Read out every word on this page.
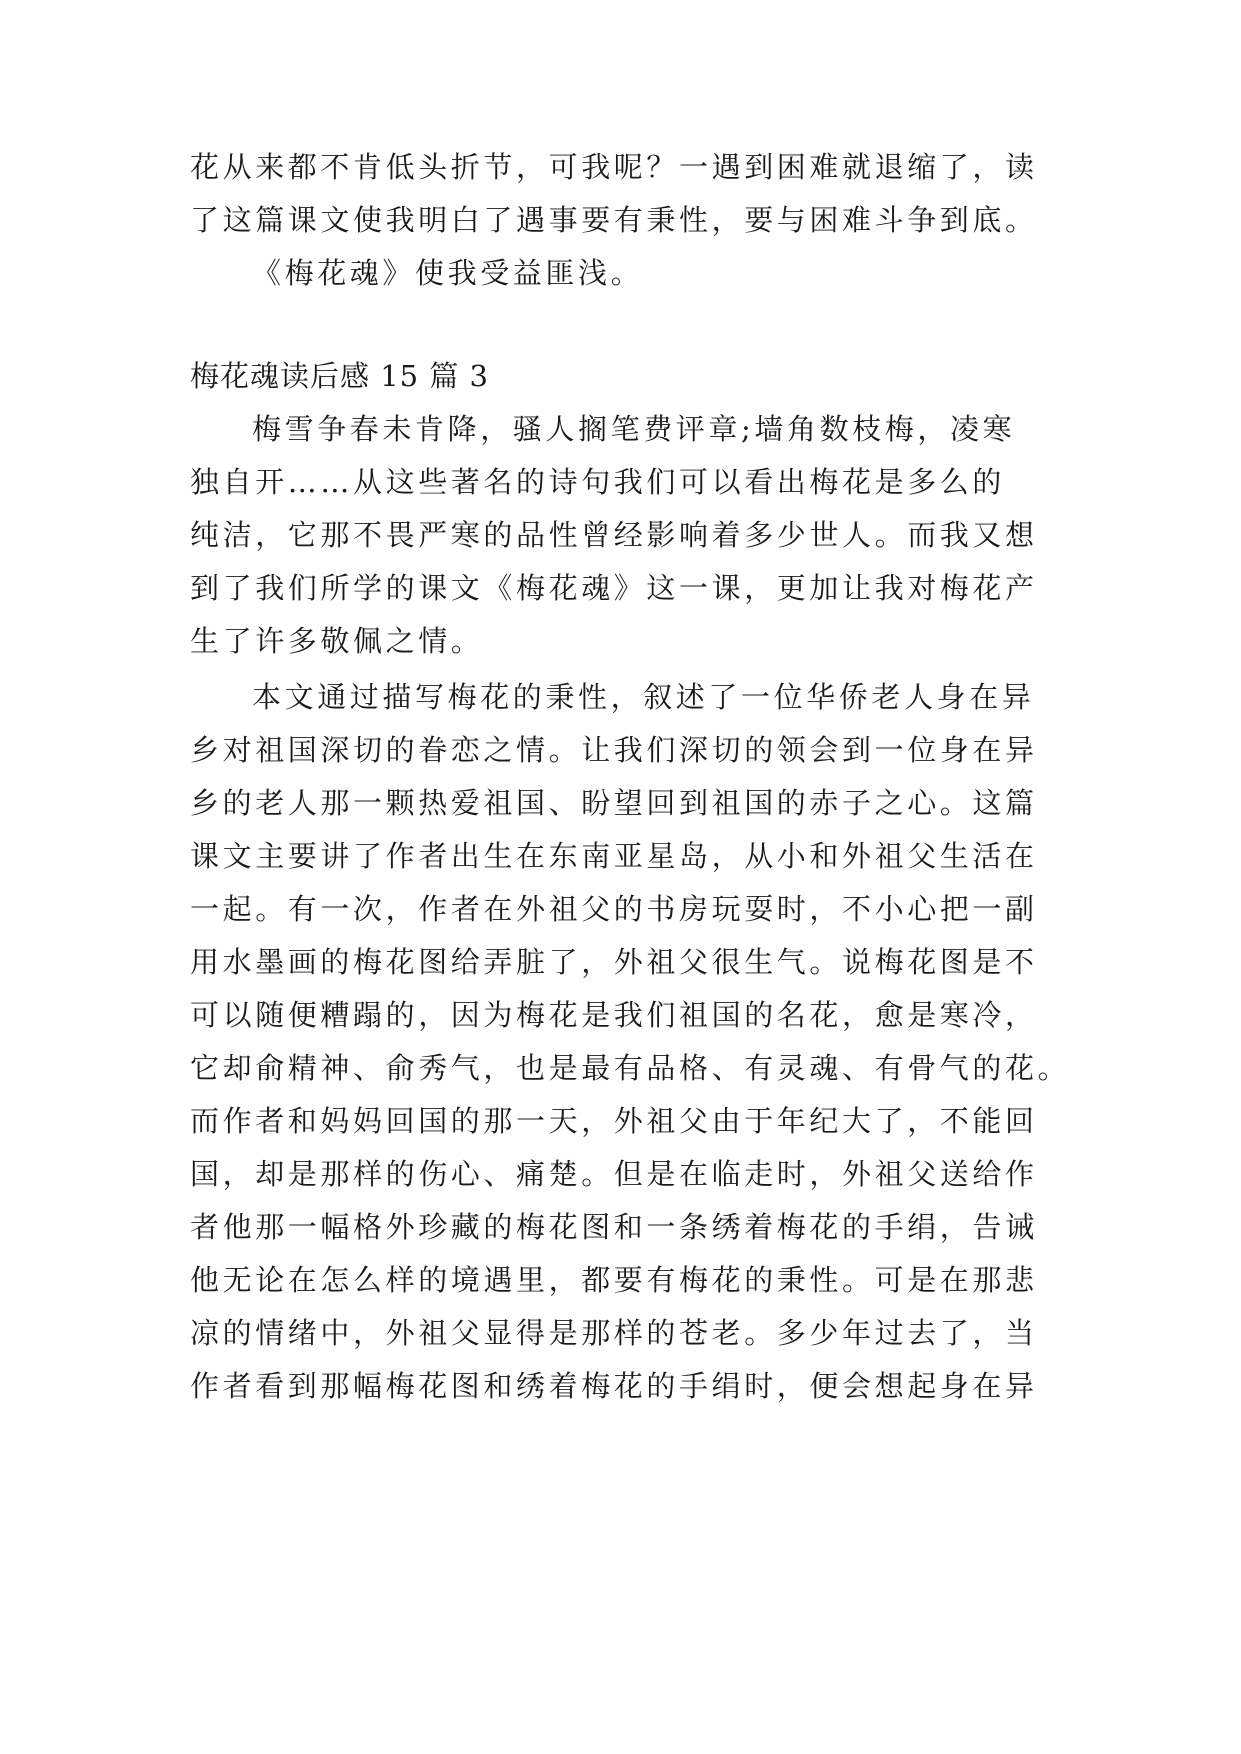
花从来都不肯低头折节，可我呢？一遇到困难就退缩了，读
了这篇课文使我明白了遇事要有秉性，要与困难斗争到底。
《梅花魂》使我受益匪浅。
梅花魂读后感 15 篇 3
梅雪争春未肯降，骚人搁笔费评章;墙角数枝梅，凌寒
独自开……从这些著名的诗句我们可以看出梅花是多么的
纯洁，它那不畏严寒的品性曾经影响着多少世人。而我又想
到了我们所学的课文《梅花魂》这一课，更加让我对梅花产
生了许多敬佩之情。
本文通过描写梅花的秉性，叙述了一位华侨老人身在异
乡对祖国深切的眷恋之情。让我们深切的领会到一位身在异
乡的老人那一颗热爱祖国、盼望回到祖国的赤子之心。这篇
课文主要讲了作者出生在东南亚星岛，从小和外祖父生活在
一起。有一次，作者在外祖父的书房玩耍时，不小心把一副
用水墨画的梅花图给弄脏了，外祖父很生气。说梅花图是不
可以随便糟蹋的，因为梅花是我们祖国的名花，愈是寒冷，
它却俞精神、俞秀气，也是最有品格、有灵魂、有骨气的花。
而作者和妈妈回国的那一天，外祖父由于年纪大了，不能回
国，却是那样的伤心、痛楚。但是在临走时，外祖父送给作
者他那一幅格外珍藏的梅花图和一条绣着梅花的手绢，告诫
他无论在怎么样的境遇里，都要有梅花的秉性。可是在那悲
凉的情绪中，外祖父显得是那样的苍老。多少年过去了，当
作者看到那幅梅花图和绣着梅花的手绢时，便会想起身在异
